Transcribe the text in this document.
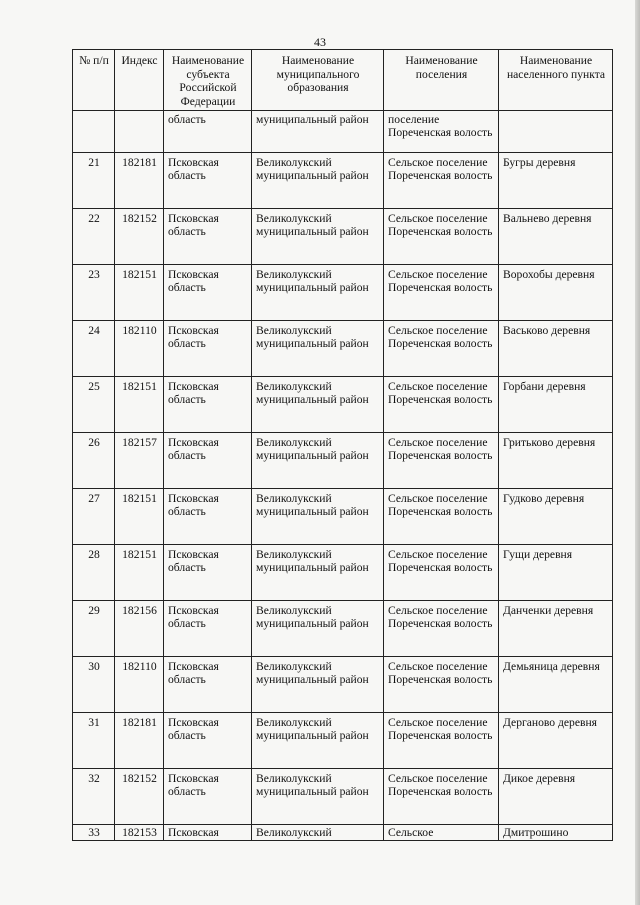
43
№ п/п	Индекс	Наименование субъекта Российской Федерации	Наименование муниципального образования	Наименование поселения	Наименование населенного пункта
		область	муниципальный район	поселение Пореченская волость	
21	182181	Псковская область	Великолукский муниципальный район	Сельское поселение Пореченская волость	Бугры деревня
22	182152	Псковская область	Великолукский муниципальный район	Сельское поселение Пореченская волость	Вальнево деревня
23	182151	Псковская область	Великолукский муниципальный район	Сельское поселение Пореченская волость	Ворохобы деревня
24	182110	Псковская область	Великолукский муниципальный район	Сельское поселение Пореченская волость	Васьково деревня
25	182151	Псковская область	Великолукский муниципальный район	Сельское поселение Пореченская волость	Горбани деревня
26	182157	Псковская область	Великолукский муниципальный район	Сельское поселение Пореченская волость	Гритьково деревня
27	182151	Псковская область	Великолукский муниципальный район	Сельское поселение Пореченская волость	Гудково деревня
28	182151	Псковская область	Великолукский муниципальный район	Сельское поселение Пореченская волость	Гущи деревня
29	182156	Псковская область	Великолукский муниципальный район	Сельское поселение Пореченская волость	Данченки деревня
30	182110	Псковская область	Великолукский муниципальный район	Сельское поселение Пореченская волость	Демьяница деревня
31	182181	Псковская область	Великолукский муниципальный район	Сельское поселение Пореченская волость	Дерганово деревня
32	182152	Псковская область	Великолукский муниципальный район	Сельское поселение Пореченская волость	Дикое деревня
33	182153	Псковская	Великолукский	Сельское	Дмитрошино
